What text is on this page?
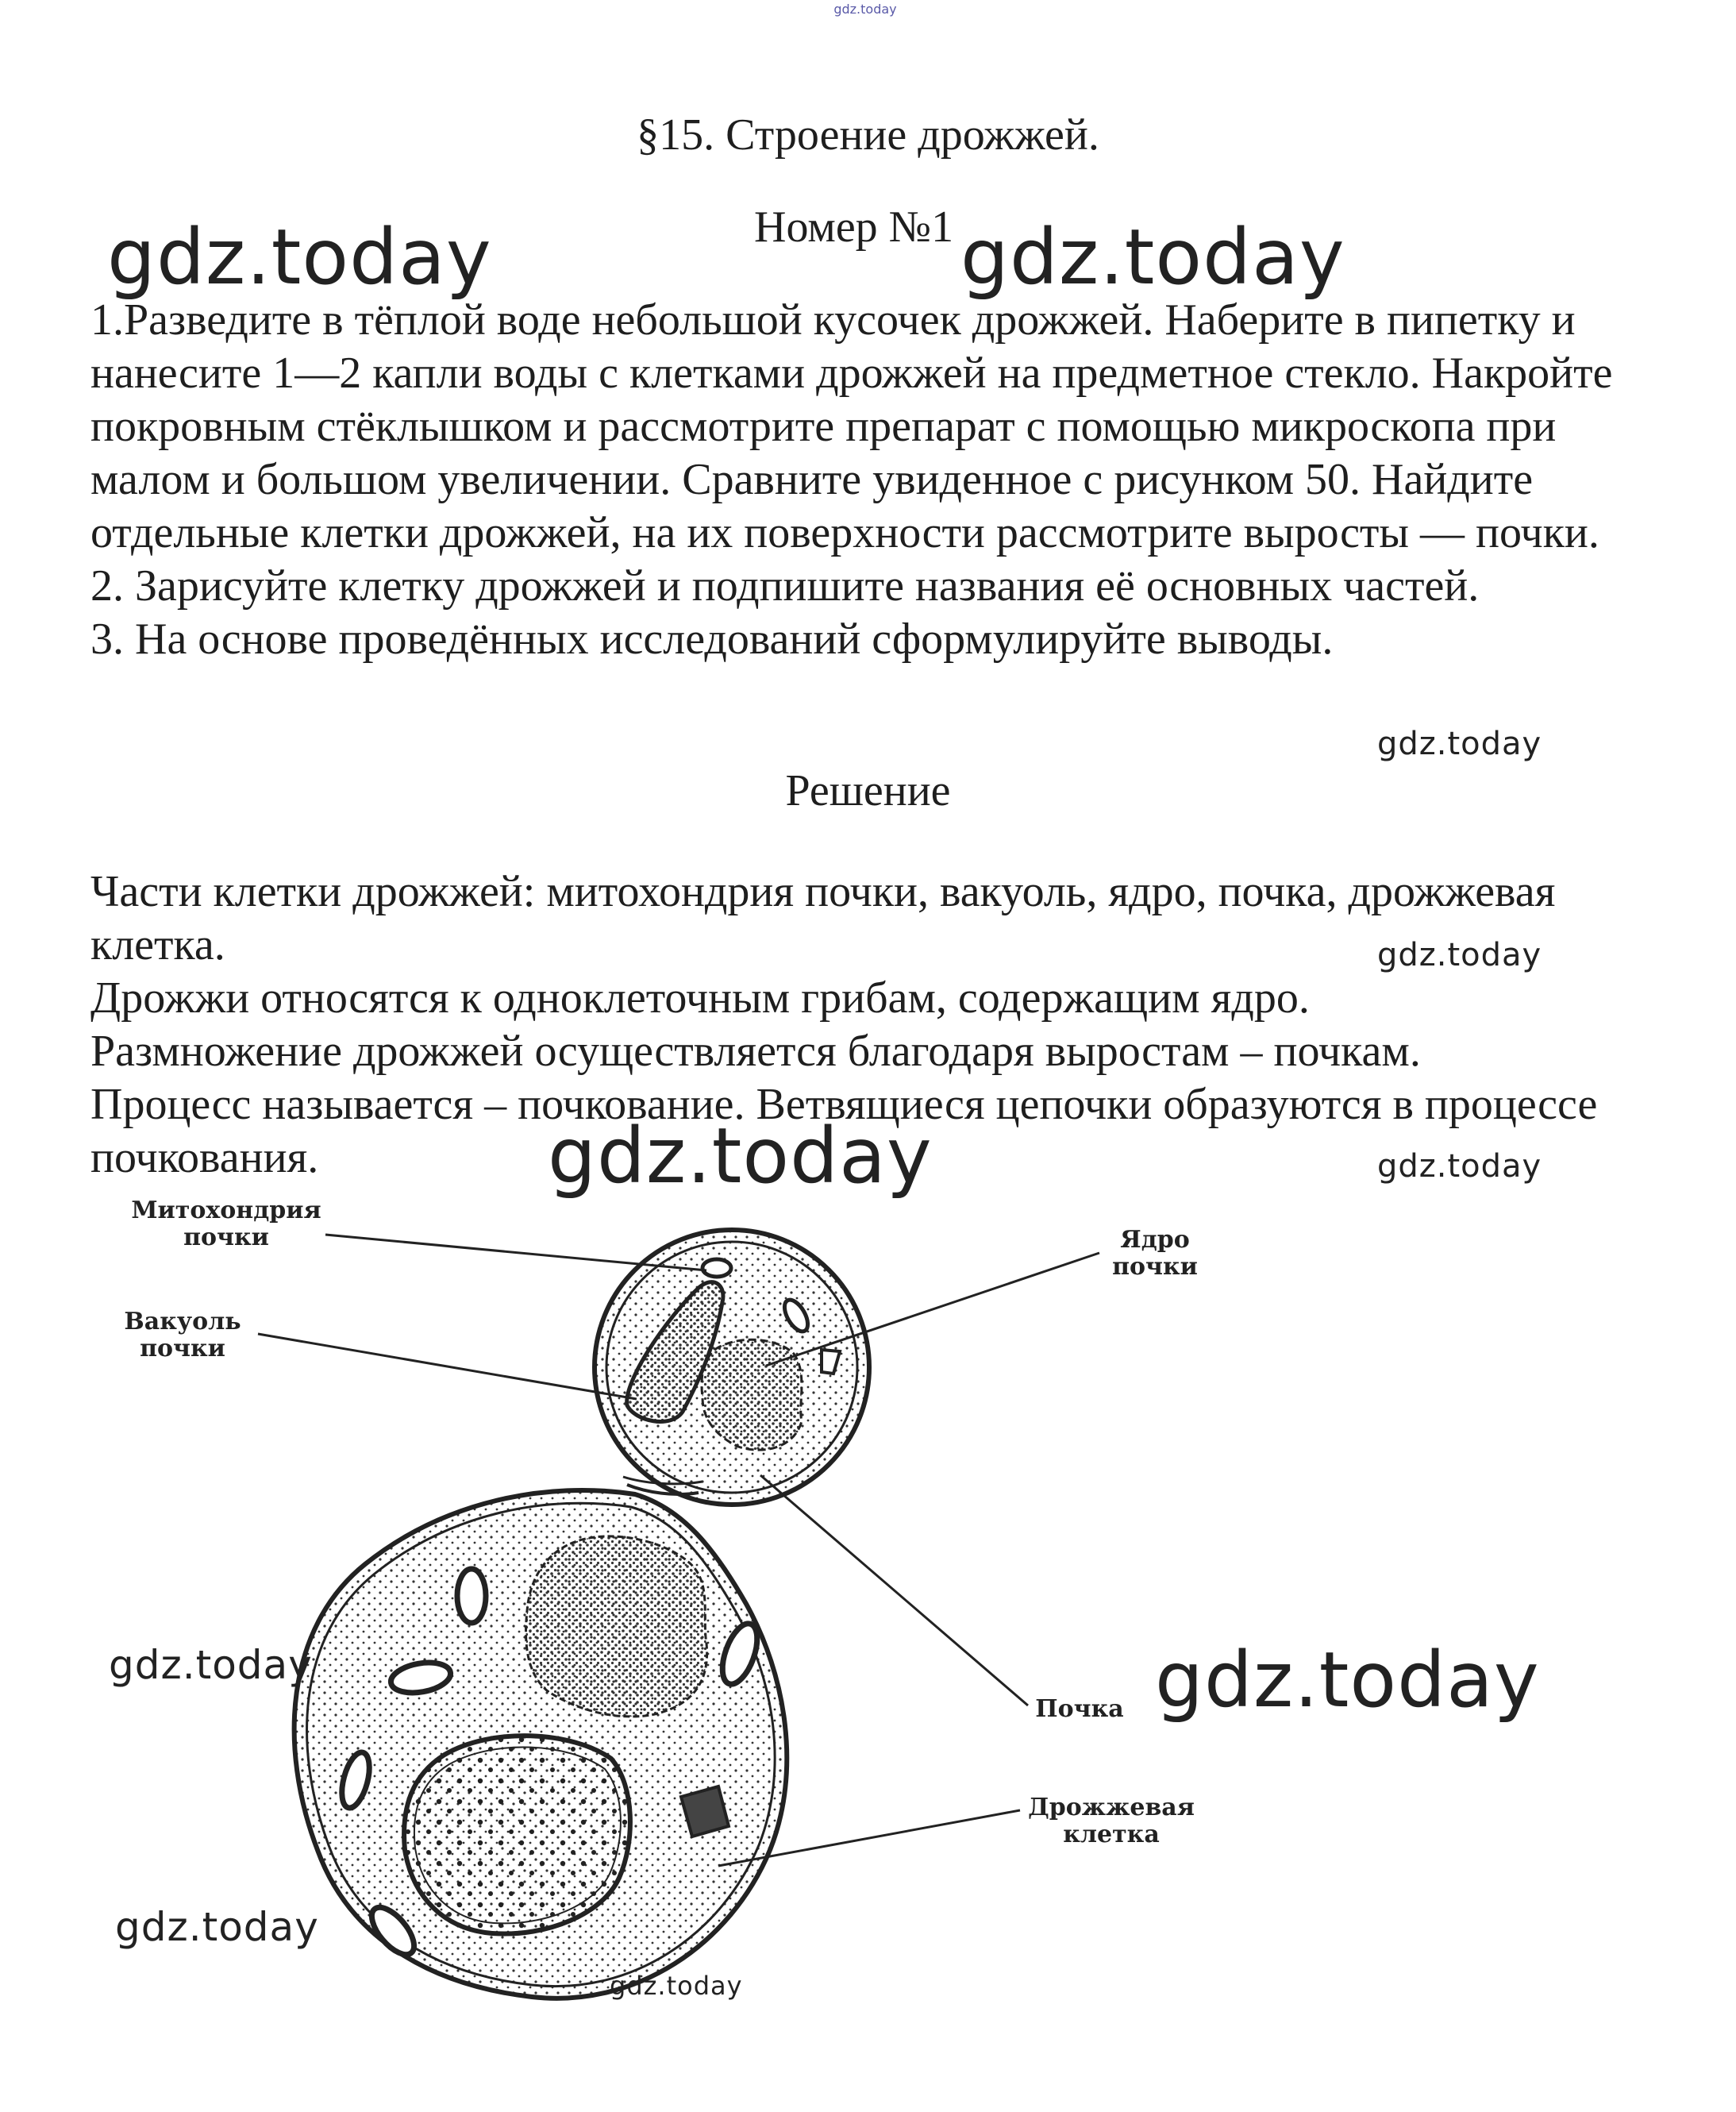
gdz.today
§15. Строение дрожжей.
Номер №1

1.Разведите в тёплой воде небольшой кусочек дрожжей. Наберите в пипетку и нанесите 1—2 капли воды с клетками дрожжей на предметное стекло. Накройте покровным стёклышком и рассмотрите препарат с помощью микроскопа при малом и большом увеличении. Сравните увиденное с рисунком 50. Найдите отдельные клетки дрожжей, на их поверхности рассмотрите выросты — почки.

2. Зарисуйте клетку дрожжей и подпишите названия её основных частей.

3. На основе проведённых исследований сформулируйте выводы.

Решение

Части клетки дрожжей: митохондрия почки, вакуоль, ядро, почка, дрожжевая клетка.

Дрожжи относятся к одноклеточным грибам, содержащим ядро.

Размножение дрожжей осуществляется благодаря выростам – почкам.

Процесс называется – почкование. Ветвящиеся цепочки образуются в процессе почкования.

Митохондрия
почки
Вакуоль
почки
Ядро
почки
Почка
Дрожжевая
клетка
gdz.today	gdz.today
gdz.today
gdz.today
gdz.today	gdz.today
gdz.today
gdz.today
gdz.today
gdz.today
